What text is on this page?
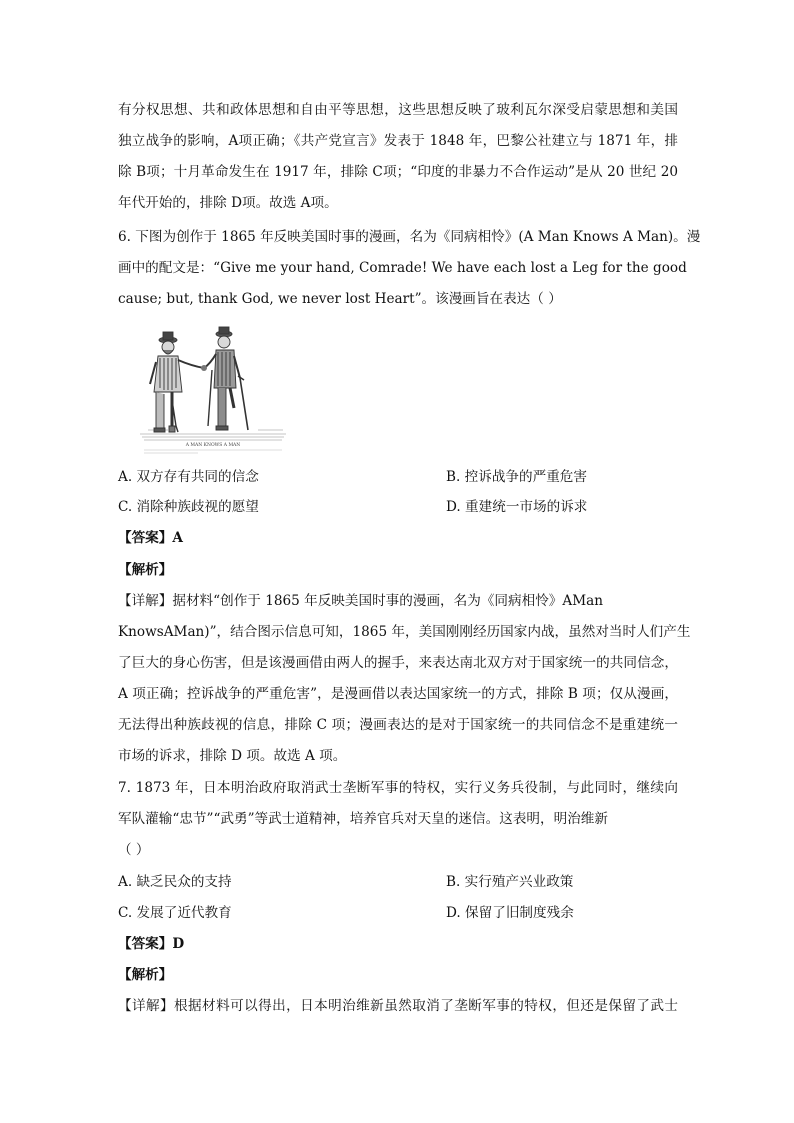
有分权思想、共和政体思想和自由平等思想，这些思想反映了玻利瓦尔深受启蒙思想和美国
独立战争的影响，A项正确；《共产党宣言》发表于 1848 年，巴黎公社建立与 1871 年，排
除 B项；十月革命发生在 1917 年，排除 C项；“印度的非暴力不合作运动”是从 20 世纪 20
年代开始的，排除 D项。故选 A项。
6. 下图为创作于 1865 年反映美国时事的漫画，名为《同病相怜》(A Man Knows A Man)。漫
画中的配文是：“Give me your hand, Comrade! We have each lost a Leg for the good
cause; but, thank God, we never lost Heart”。该漫画旨在表达（ ）
A MAN KNOWS A MAN
A. 双方存有共同的信念	B. 控诉战争的严重危害
C. 消除种族歧视的愿望	D. 重建统一市场的诉求
【答案】A
【解析】
【详解】据材料“创作于 1865 年反映美国时事的漫画，名为《同病相怜》AMan
KnowsAMan)”，结合图示信息可知，1865 年，美国刚刚经历国家内战，虽然对当时人们产生
了巨大的身心伤害，但是该漫画借由两人的握手，来表达南北双方对于国家统一的共同信念，
A 项正确；控诉战争的严重危害”，是漫画借以表达国家统一的方式，排除 B 项；仅从漫画，
无法得出种族歧视的信息，排除 C 项；漫画表达的是对于国家统一的共同信念不是重建统一
市场的诉求，排除 D 项。故选 A 项。
7. 1873 年，日本明治政府取消武士垄断军事的特权，实行义务兵役制，与此同时，继续向
军队灌输“忠节”“武勇”等武士道精神，培养官兵对天皇的迷信。这表明，明治维新
（ ）
A. 缺乏民众的支持	B. 实行殖产兴业政策
C. 发展了近代教育	D. 保留了旧制度残余
【答案】D
【解析】
【详解】根据材料可以得出，日本明治维新虽然取消了垄断军事的特权，但还是保留了武士
